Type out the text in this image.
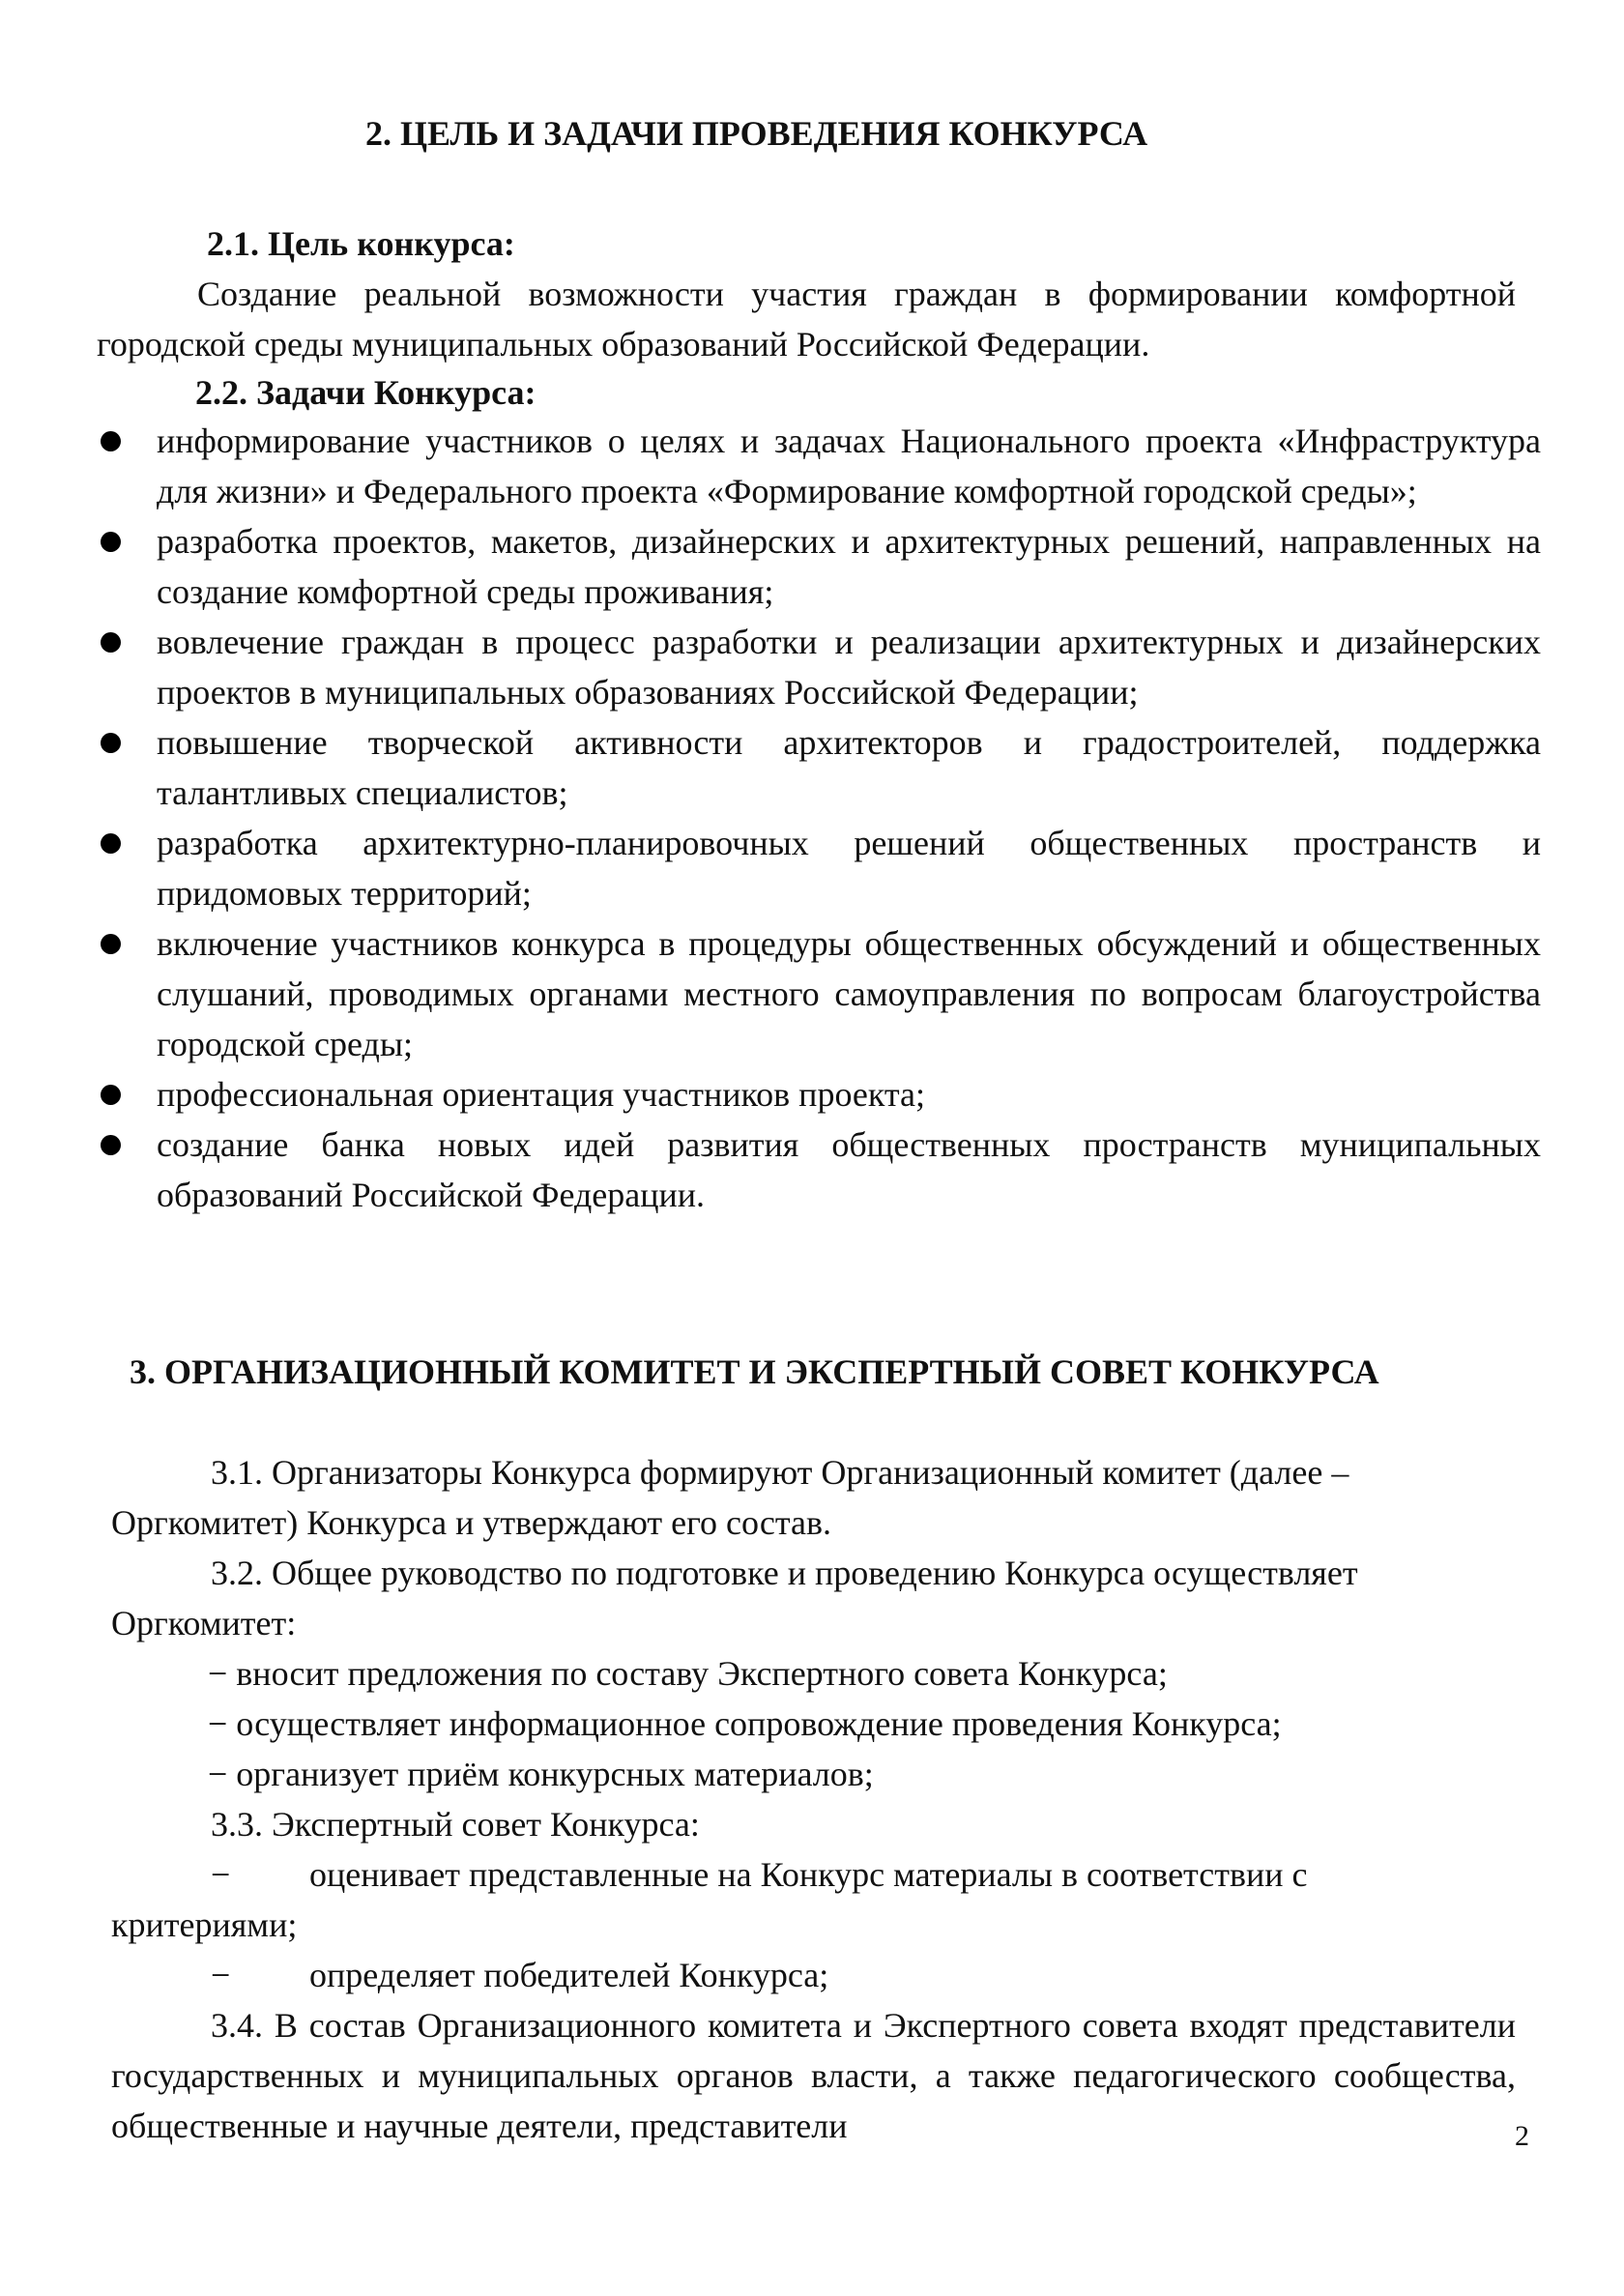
2. ЦЕЛЬ И ЗАДАЧИ ПРОВЕДЕНИЯ КОНКУРСА

2.1. Цель конкурса:

Создание реальной возможности участия граждан в формировании комфортной городской среды муниципальных образований Российской Федерации.

2.2. Задачи Конкурса:

информирование участников о целях и задачах Национального проекта «Инфраструктура для жизни» и Федерального проекта «Формирование комфортной городской среды»;
разработка проектов, макетов, дизайнерских и архитектурных решений, направленных на создание комфортной среды проживания;
вовлечение граждан в процесс разработки и реализации архитектурных и дизайнерских проектов в муниципальных образованиях Российской Федерации;
повышение творческой активности архитекторов и градостроителей, поддержка талантливых специалистов;
разработка архитектурно-планировочных решений общественных пространств и придомовых территорий;
включение участников конкурса в процедуры общественных обсуждений и общественных слушаний, проводимых органами местного самоуправления по вопросам благоустройства городской среды;
профессиональная ориентация участников проекта;
создание банка новых идей развития общественных пространств муниципальных образований Российской Федерации.
3. ОРГАНИЗАЦИОННЫЙ КОМИТЕТ И ЭКСПЕРТНЫЙ СОВЕТ КОНКУРСА

3.1. Организаторы Конкурса формируют Организационный комитет (далее –

Оргкомитет) Конкурса и утверждают его состав.

3.2. Общее руководство по подготовке и проведению Конкурса осуществляет

Оргкомитет:

− вносит предложения по составу Экспертного совета Конкурса;

− осуществляет информационное сопровождение проведения Конкурса;

− организует приём конкурсных материалов;

3.3. Экспертный совет Конкурса:

− оценивает представленные на Конкурс материалы в соответствии с

критериями;

− определяет победителей Конкурса;

3.4. В состав Организационного комитета и Экспертного совета входят представители государственных и муниципальных органов власти, а также педагогического сообщества, общественные и научные деятели, представители	2
